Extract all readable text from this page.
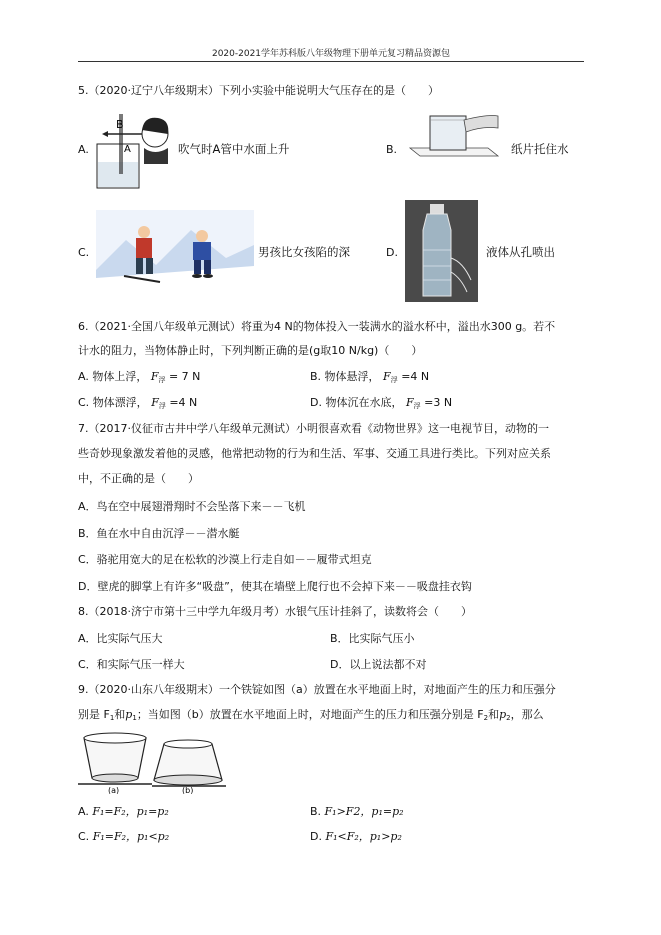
2020-2021学年苏科版八年级物理下册单元复习精品资源包
5.（2020·辽宁八年级期末）下列小实验中能说明大气压存在的是（　　）
A.
B
A	吹气时A管中水面上升	B.	纸片托住水
C.	男孩比女孩陷的深	D.	液体从孔喷出
6.（2021·全国八年级单元测试）将重为4 N的物体投入一装满水的溢水杯中，溢出水300 g。若不
计水的阻力，当物体静止时，下列判断正确的是(g取10 N/kg)（　　）
A. 物体上浮， $F_浮 = 7$ N	B. 物体悬浮， $F_浮 =4$ N
C. 物体漂浮， $F_浮 =4$ N	D. 物体沉在水底， $F_浮 =3$ N
7.（2017·仪征市古井中学八年级单元测试）小明很喜欢看《动物世界》这一电视节目，动物的一
些奇妙现象激发着他的灵感，他常把动物的行为和生活、军事、交通工具进行类比。下列对应关系
中，不正确的是（　　）
A．鸟在空中展翅滑翔时不会坠落下来－－飞机
B．鱼在水中自由沉浮－－潜水艇
C．骆驼用宽大的足在松软的沙漠上行走自如－－履带式坦克
D．壁虎的脚掌上有许多“吸盘”，使其在墙壁上爬行也不会掉下来－－吸盘挂衣钩
8.（2018·济宁市第十三中学九年级月考）水银气压计挂斜了，读数将会（　　）
A．比实际气压大	B．比实际气压小
C．和实际气压一样大	D．以上说法都不对
9.（2020·山东八年级期末）一个铁锭如图（a）放置在水平地面上时，对地面产生的压力和压强分
别是 $F_1$和$p_1$；当如图（b）放置在水平地面上时，对地面产生的压力和压强分别是 $F_2$和$p_2$，那么
(a)	(b)
A. F₁=F₂，p₁=p₂	B. F₁>F2，p₁=p₂
C. F₁=F₂，p₁<p₂	D. F₁<F₂，p₁>p₂
